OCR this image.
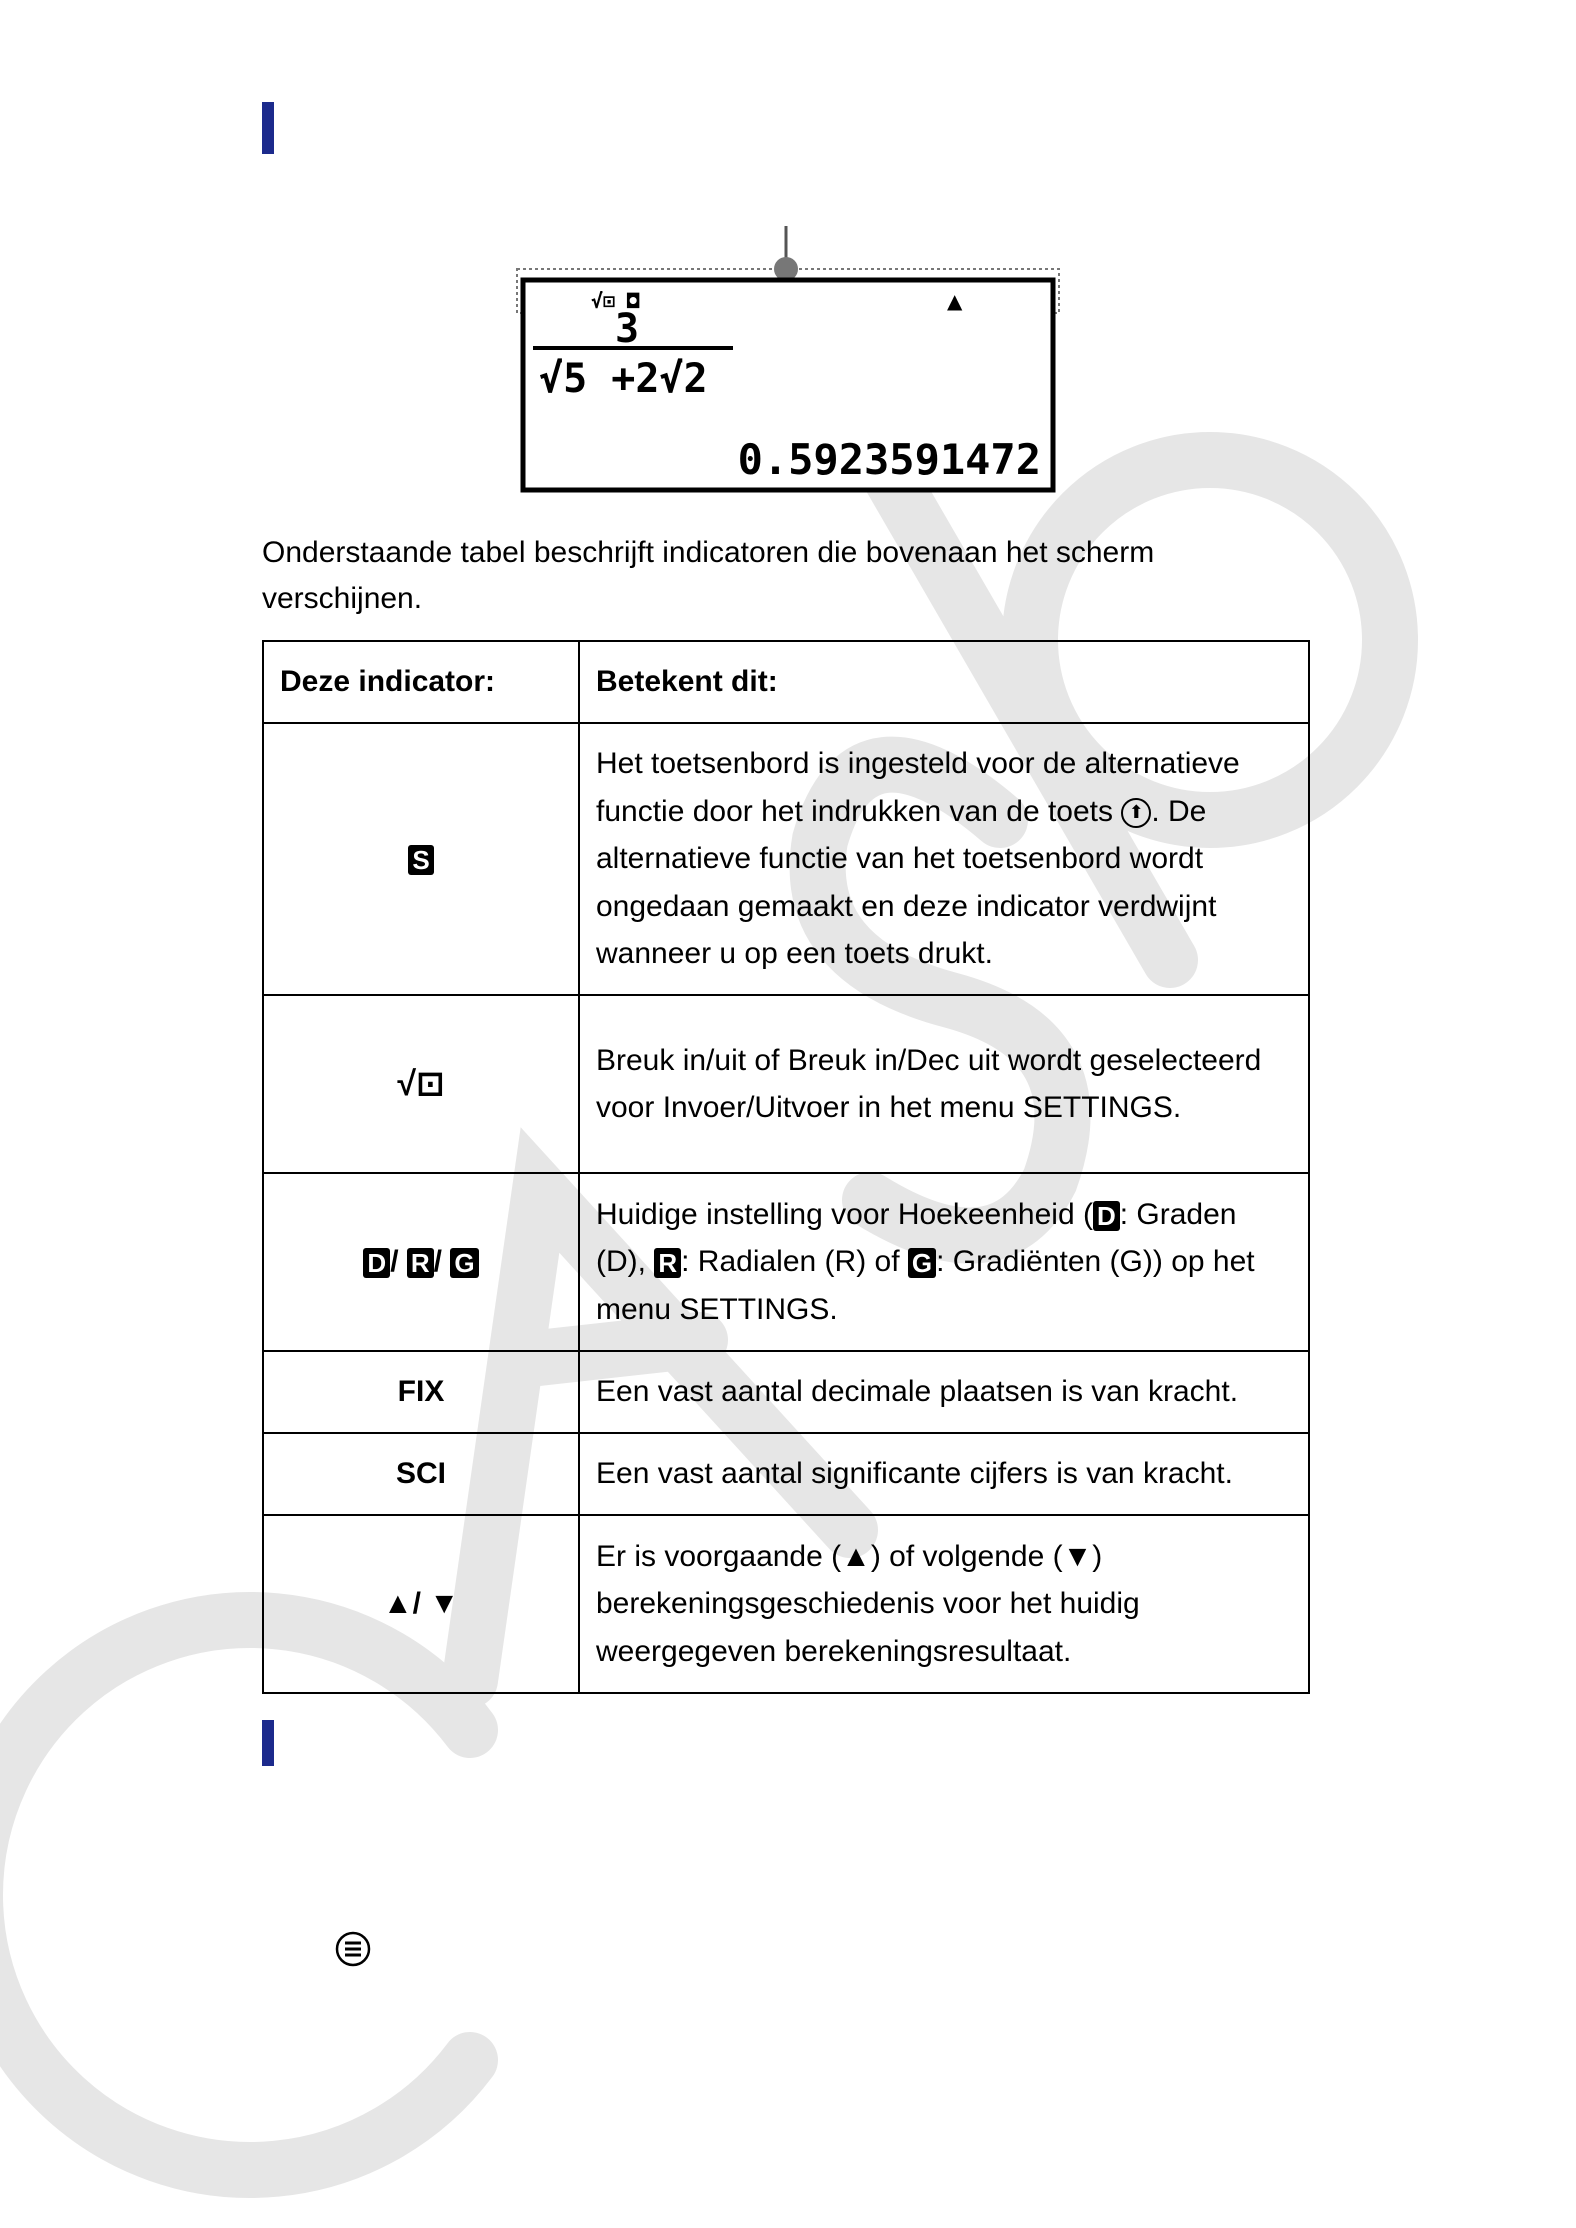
√⊡ ◘	▲
3
√5 +2√2
0.5923591472
Onderstaande tabel beschrijft indicatoren die bovenaan het scherm verschijnen.
Deze indicator:	Betekent dit:
S	Het toetsenbord is ingesteld voor de alternatieve functie door het indrukken van de toets ⬆ . De alternatieve functie van het toetsenbord wordt ongedaan gemaakt en deze indicator verdwijnt wanneer u op een toets drukt.
√⊡	Breuk in/uit of Breuk in/Dec uit wordt geselecteerd voor Invoer/Uitvoer in het menu SETTINGS.
D / R / G	Huidige instelling voor Hoekeenheid ( D : Graden (D), R : Radialen (R) of G : Gradiënten (G)) op het menu SETTINGS.
FIX	Een vast aantal decimale plaatsen is van kracht.
SCI	Een vast aantal significante cijfers is van kracht.
▲/ ▼	Er is voorgaande (▲) of volgende (▼) berekeningsgeschiedenis voor het huidig weergegeven berekeningsresultaat.
